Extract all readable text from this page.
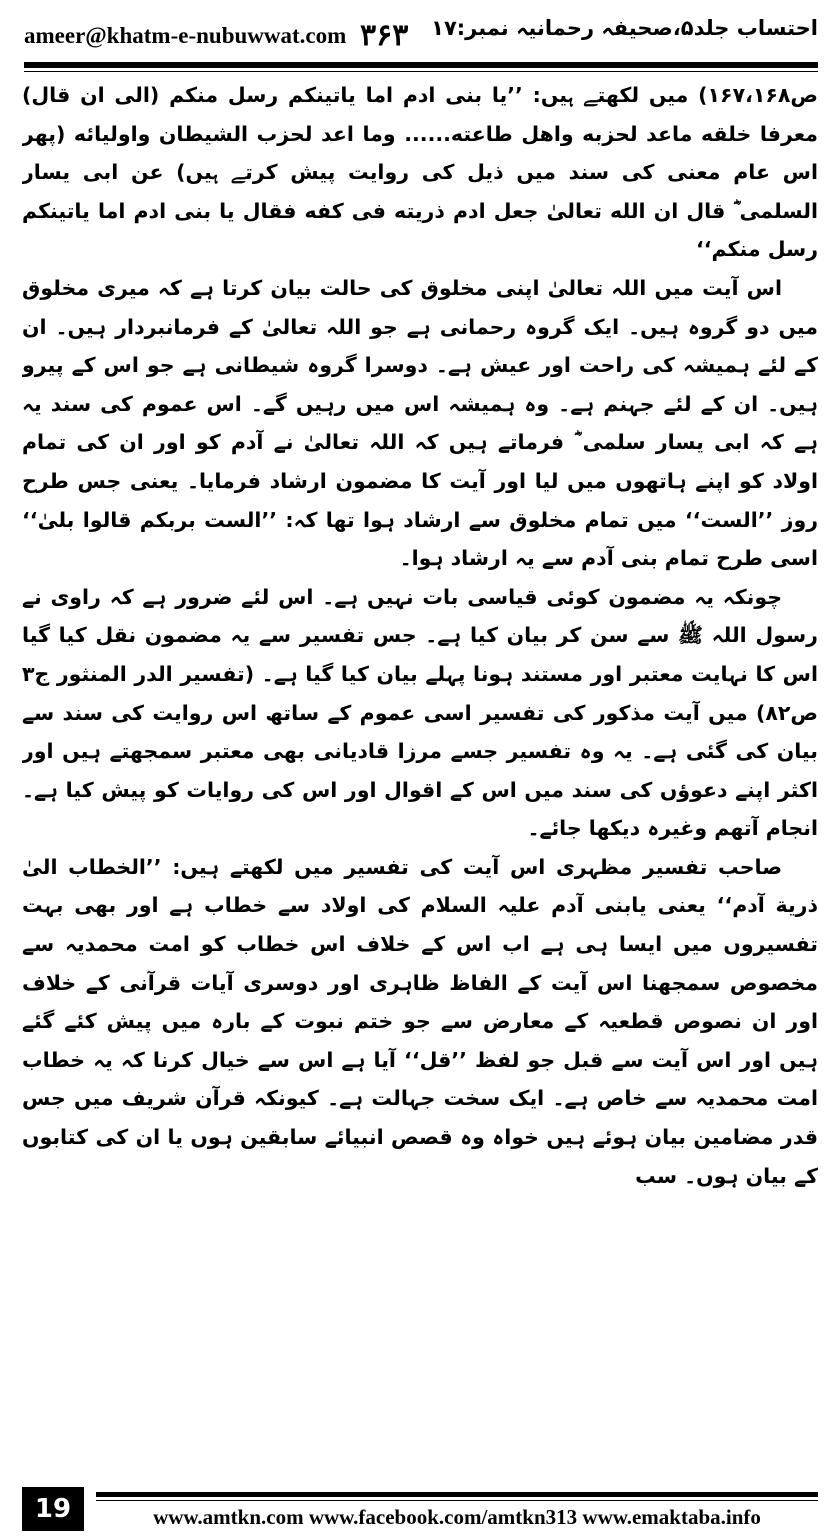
ameer@khatm-e-nubuwwat.com ۳۶۳ احتساب جلد۵،صحیفہ رحمانیہ نمبر:۱۷

ص۱۶۷،۱۶۸) میں لکھتے ہیں: ’’یا بنی ادم اما یاتینکم رسل منکم (الی ان قال) معرفا خلقه ماعد لحزبه واهل طاعته...... وما اعد لحزب الشیطان واولیائه (پھر اس عام معنی کی سند میں ذیل کی روایت پیش کرتے ہیں) عن ابی یسار السلمی ؓ قال ان الله تعالیٰ جعل ادم ذریته فی کفه فقال یا بنی ادم اما یاتینکم رسل منکم‘‘

اس آیت میں اللہ تعالیٰ اپنی مخلوق کی حالت بیان کرتا ہے کہ میری مخلوق میں دو گروہ ہیں۔ ایک گروہ رحمانی ہے جو اللہ تعالیٰ کے فرمانبردار ہیں۔ ان کے لئے ہمیشہ کی راحت اور عیش ہے۔ دوسرا گروہ شیطانی ہے جو اس کے پیرو ہیں۔ ان کے لئے جہنم ہے۔ وہ ہمیشہ اس میں رہیں گے۔ اس عموم کی سند یہ ہے کہ ابی یسار سلمی ؓ فرماتے ہیں کہ اللہ تعالیٰ نے آدم کو اور ان کی تمام اولاد کو اپنے ہاتھوں میں لیا اور آیت کا مضمون ارشاد فرمایا۔ یعنی جس طرح روز ’’الست‘‘ میں تمام مخلوق سے ارشاد ہوا تھا کہ: ’’الست بربکم قالوا بلیٰ‘‘ اسی طرح تمام بنی آدم سے یہ ارشاد ہوا۔

چونکہ یہ مضمون کوئی قیاسی بات نہیں ہے۔ اس لئے ضرور ہے کہ راوی نے رسول اللہ ﷺ سے سن کر بیان کیا ہے۔ جس تفسیر سے یہ مضمون نقل کیا گیا اس کا نہایت معتبر اور مستند ہونا پہلے بیان کیا گیا ہے۔ (تفسیر الدر المنثور ج۳ ص۸۲) میں آیت مذکور کی تفسیر اسی عموم کے ساتھ اس روایت کی سند سے بیان کی گئی ہے۔ یہ وہ تفسیر جسے مرزا قادیانی بھی معتبر سمجھتے ہیں اور اکثر اپنے دعوؤں کی سند میں اس کے اقوال اور اس کی روایات کو پیش کیا ہے۔ انجام آتھم وغیرہ دیکھا جائے۔

صاحب تفسیر مظہری اس آیت کی تفسیر میں لکھتے ہیں: ’’الخطاب الیٰ ذریة آدم‘‘ یعنی یابنی آدم علیہ السلام کی اولاد سے خطاب ہے اور بھی بہت تفسیروں میں ایسا ہی ہے اب اس کے خلاف اس خطاب کو امت محمدیہ سے مخصوص سمجھنا اس آیت کے الفاظ ظاہری اور دوسری آیات قرآنی کے خلاف اور ان نصوص قطعیہ کے معارض سے جو ختم نبوت کے بارہ میں پیش کئے گئے ہیں اور اس آیت سے قبل جو لفظ ’’قل‘‘ آیا ہے اس سے خیال کرنا کہ یہ خطاب امت محمدیہ سے خاص ہے۔ ایک سخت جہالت ہے۔ کیونکہ قرآن شریف میں جس قدر مضامین بیان ہوئے ہیں خواہ وہ قصص انبیائے سابقین ہوں یا ان کی کتابوں کے بیان ہوں۔ سب

19	www.amtkn.com www.facebook.com/amtkn313 www.emaktaba.info
